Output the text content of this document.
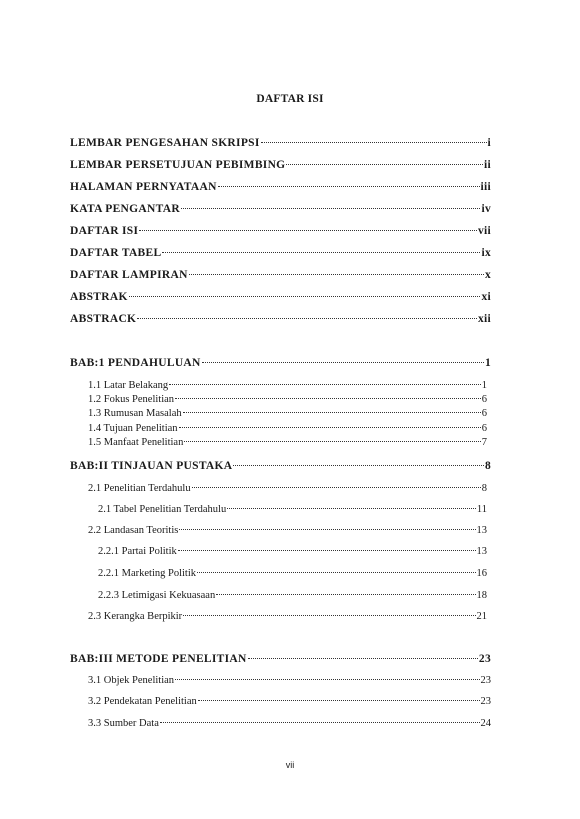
DAFTAR ISI
LEMBAR PENGESAHAN SKRIPSI	i
LEMBAR PERSETUJUAN PEBIMBING	ii
HALAMAN PERNYATAAN	iii
KATA PENGANTAR	iv
DAFTAR ISI	vii
DAFTAR TABEL	ix
DAFTAR LAMPIRAN	x
ABSTRAK	xi
ABSTRACK	xii
BAB:1 PENDAHULUAN	1
1.1 Latar Belakang	1
1.2 Fokus Penelitian	6
1.3 Rumusan Masalah	6
1.4 Tujuan Penelitian	6
1.5 Manfaat Penelitian	7
BAB:II TINJAUAN PUSTAKA	8
2.1 Penelitian Terdahulu	8
2.1 Tabel Penelitian Terdahulu	11
2.2 Landasan Teoritis	13
2.2.1 Partai Politik	13
2.2.1 Marketing Politik	16
2.2.3 Letimigasi Kekuasaan	18
2.3 Kerangka Berpikir	21
BAB:III METODE PENELITIAN	23
3.1 Objek Penelitian	23
3.2 Pendekatan Penelitian	23
3.3 Sumber Data	24
vii
